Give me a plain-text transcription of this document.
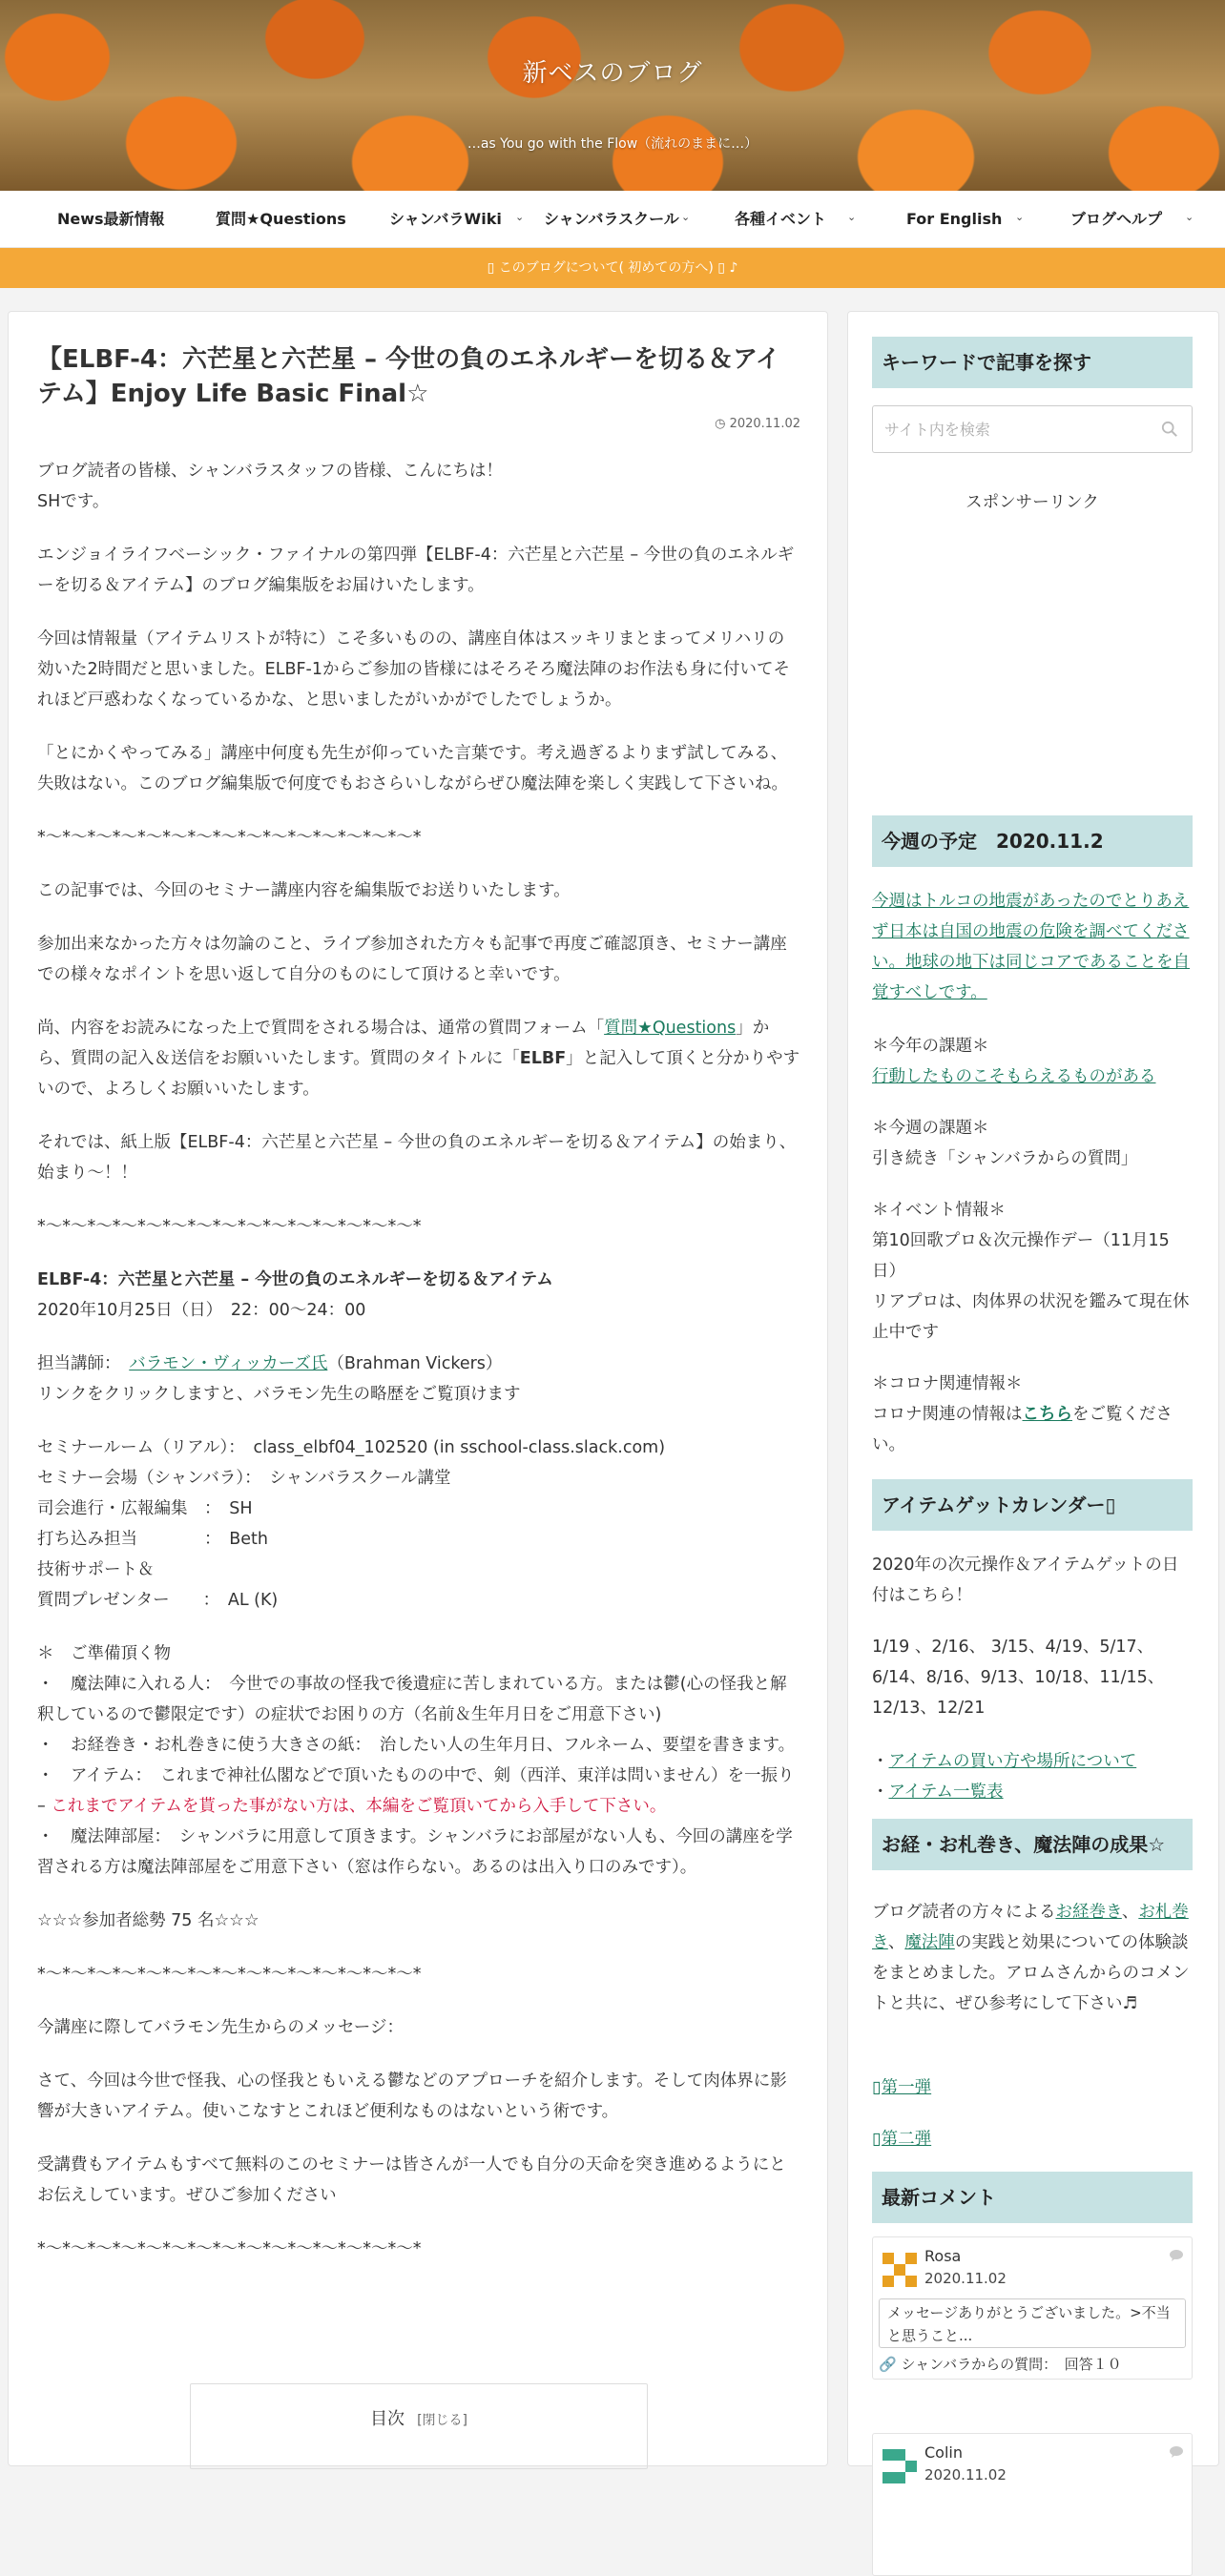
新ベスのブログ
…as You go with the Flow（流れのままに…）
News最新情報	質問★Questions	シャンバラWiki ⌄ シャンバラスクール ⌄	各種イベント ⌄	For English ⌄	ブログヘルプ ⌄
▯ このブログについて( 初めての方へ) ▯ ♪
【ELBF-4：六芒星と六芒星 – 今世の負のエネルギーを切る＆アイテム】Enjoy Life Basic Final☆
◷ 2020.11.02

ブログ読者の皆様、シャンバラスタッフの皆様、こんにちは！
SHです。

エンジョイライフベーシック・ファイナルの第四弾【ELBF-4：六芒星と六芒星 – 今世の負のエネルギーを切る＆アイテム】のブログ編集版をお届けいたします。

今回は情報量（アイテムリストが特に）こそ多いものの、講座自体はスッキリまとまってメリハリの効いた2時間だと思いました。ELBF-1からご参加の皆様にはそろそろ魔法陣のお作法も身に付いてそれほど戸惑わなくなっているかな、と思いましたがいかがでしたでしょうか。

「とにかくやってみる」講座中何度も先生が仰っていた言葉です。考え過ぎるよりまず試してみる、失敗はない。このブログ編集版で何度でもおさらいしながらぜひ魔法陣を楽しく実践して下さいね。

*〜*〜*〜*〜*〜*〜*〜*〜*〜*〜*〜*〜*〜*〜*〜*

この記事では、今回のセミナー講座内容を編集版でお送りいたします。

参加出来なかった方々は勿論のこと、ライブ参加された方々も記事で再度ご確認頂き、セミナー講座での様々なポイントを思い返して自分のものにして頂けると幸いです。

尚、内容をお読みになった上で質問をされる場合は、通常の質問フォーム「質問★Questions」から、質問の記入＆送信をお願いいたします。質問のタイトルに「ELBF」と記入して頂くと分かりやすいので、よろしくお願いいたします。

それでは、紙上版【ELBF-4：六芒星と六芒星 – 今世の負のエネルギーを切る＆アイテム】の始まり、始まり〜！！

*〜*〜*〜*〜*〜*〜*〜*〜*〜*〜*〜*〜*〜*〜*〜*

ELBF-4：六芒星と六芒星 – 今世の負のエネルギーを切る＆アイテム

2020年10月25日（日）　22：00〜24：00

担当講師：　バラモン・ヴィッカーズ氏（Brahman Vickers）

リンクをクリックしますと、バラモン先生の略歴をご覧頂けます

セミナールーム（リアル）：　class_elbf04_102520 (in sschool-class.slack.com)

セミナー会場（シャンバラ）：　シャンバラスクール講堂

司会進行・広報編集　：　SH

打ち込み担当　　　　：　Beth

技術サポート＆

質問プレゼンター　　：　AL (K)

＊　ご準備頂く物

・　魔法陣に入れる人：　今世での事故の怪我で後遺症に苦しまれている方。または鬱(心の怪我と解釈しているので鬱限定です）の症状でお困りの方（名前＆生年月日をご用意下さい)

・　お経巻き・お札巻きに使う大きさの紙：　治したい人の生年月日、フルネーム、要望を書きます。

・　アイテム：　これまで神社仏閣などで頂いたものの中で、剣（西洋、東洋は問いません）を一振り – これまでアイテムを貰った事がない方は、本編をご覧頂いてから入手して下さい。

・　魔法陣部屋：　シャンバラに用意して頂きます。シャンバラにお部屋がない人も、今回の講座を学習される方は魔法陣部屋をご用意下さい（窓は作らない。あるのは出入り口のみです）。

☆☆☆参加者総勢 75 名☆☆☆

*〜*〜*〜*〜*〜*〜*〜*〜*〜*〜*〜*〜*〜*〜*〜*

今講座に際してバラモン先生からのメッセージ：

さて、今回は今世で怪我、心の怪我ともいえる鬱などのアプローチを紹介します。そして肉体界に影響が大きいアイテム。使いこなすとこれほど便利なものはないという術です。

受講費もアイテムもすべて無料のこのセミナーは皆さんが一人でも自分の天命を突き進めるようにとお伝えしています。ぜひご参加ください

*〜*〜*〜*〜*〜*〜*〜*〜*〜*〜*〜*〜*〜*〜*〜*

目次 [閉じる]
キーワードで記事を探す
サイト内を検索
スポンサーリンク
今週の予定　2020.11.2
今週はトルコの地震があったのでとりあえず日本は自国の地震の危険を調べてください。地球の地下は同じコアであることを自覚すべしです。
＊今年の課題＊
行動したものこそもらえるものがある
＊今週の課題＊
引き続き「シャンバラからの質問」
＊イベント情報＊
第10回歌プロ＆次元操作デー（11月15日）
リアプロは、肉体界の状況を鑑みて現在休止中です
＊コロナ関連情報＊
コロナ関連の情報はこちらをご覧ください。
アイテムゲットカレンダー▯
2020年の次元操作＆アイテムゲットの日付はこちら！
1/19 、2/16、 3/15、4/19、5/17、6/14、8/16、9/13、10/18、11/15、12/13、12/21
・アイテムの買い方や場所について
・アイテム一覧表
お経・お札巻き、魔法陣の成果☆
ブログ読者の方々によるお経巻き、お札巻き、魔法陣の実践と効果についての体験談をまとめました。アロムさんからのコメントと共に、ぜひ参考にして下さい♬
▯第一弾
▯第二弾
最新コメント
Rosa
2020.11.02
メッセージありがとうございました。>不当と思うこと...
🔗 シャンバラからの質問：　回答１０
Colin
2020.11.02
